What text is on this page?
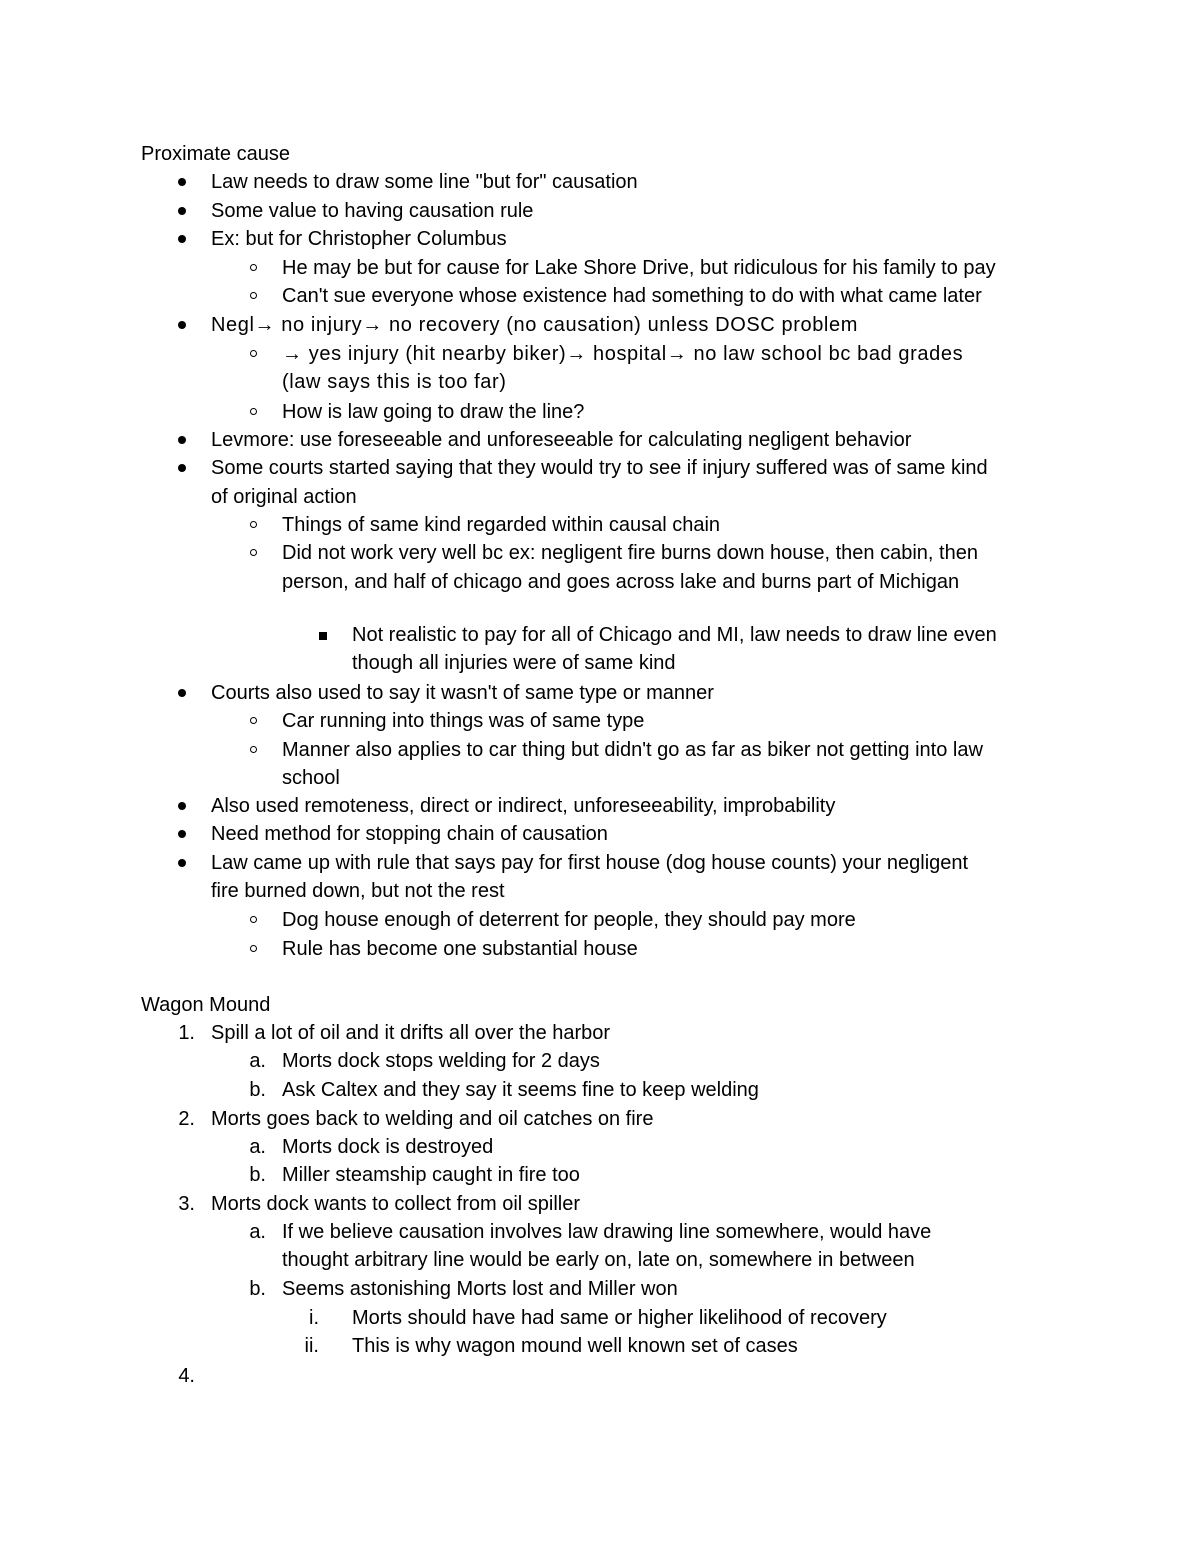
Proximate cause
Law needs to draw some line "but for" causation
Some value to having causation rule
Ex: but for Christopher Columbus
He may be but for cause for Lake Shore Drive, but ridiculous for his family to pay
Can't sue everyone whose existence had something to do with what came later
Negl→ no injury→ no recovery (no causation) unless DOSC problem
→ yes injury (hit nearby biker)→ hospital→ no law school bc bad grades
(law says this is too far)
How is law going to draw the line?
Levmore: use foreseeable and unforeseeable for calculating negligent behavior
Some courts started saying that they would try to see if injury suffered was of same kind
of original action
Things of same kind regarded within causal chain
Did not work very well bc ex: negligent fire burns down house, then cabin, then
person, and half of chicago and goes across lake and burns part of Michigan
Not realistic to pay for all of Chicago and MI, law needs to draw line even
though all injuries were of same kind
Courts also used to say it wasn't of same type or manner
Car running into things was of same type
Manner also applies to car thing but didn't go as far as biker not getting into law
school
Also used remoteness, direct or indirect, unforeseeability, improbability
Need method for stopping chain of causation
Law came up with rule that says pay for first house (dog house counts) your negligent
fire burned down, but not the rest
Dog house enough of deterrent for people, they should pay more
Rule has become one substantial house
Wagon Mound
1. Spill a lot of oil and it drifts all over the harbor
a. Morts dock stops welding for 2 days
b. Ask Caltex and they say it seems fine to keep welding
2. Morts goes back to welding and oil catches on fire
a. Morts dock is destroyed
b. Miller steamship caught in fire too
3. Morts dock wants to collect from oil spiller
a. If we believe causation involves law drawing line somewhere, would have
thought arbitrary line would be early on, late on, somewhere in between
b. Seems astonishing Morts lost and Miller won
i. Morts should have had same or higher likelihood of recovery
ii. This is why wagon mound well known set of cases
4.
